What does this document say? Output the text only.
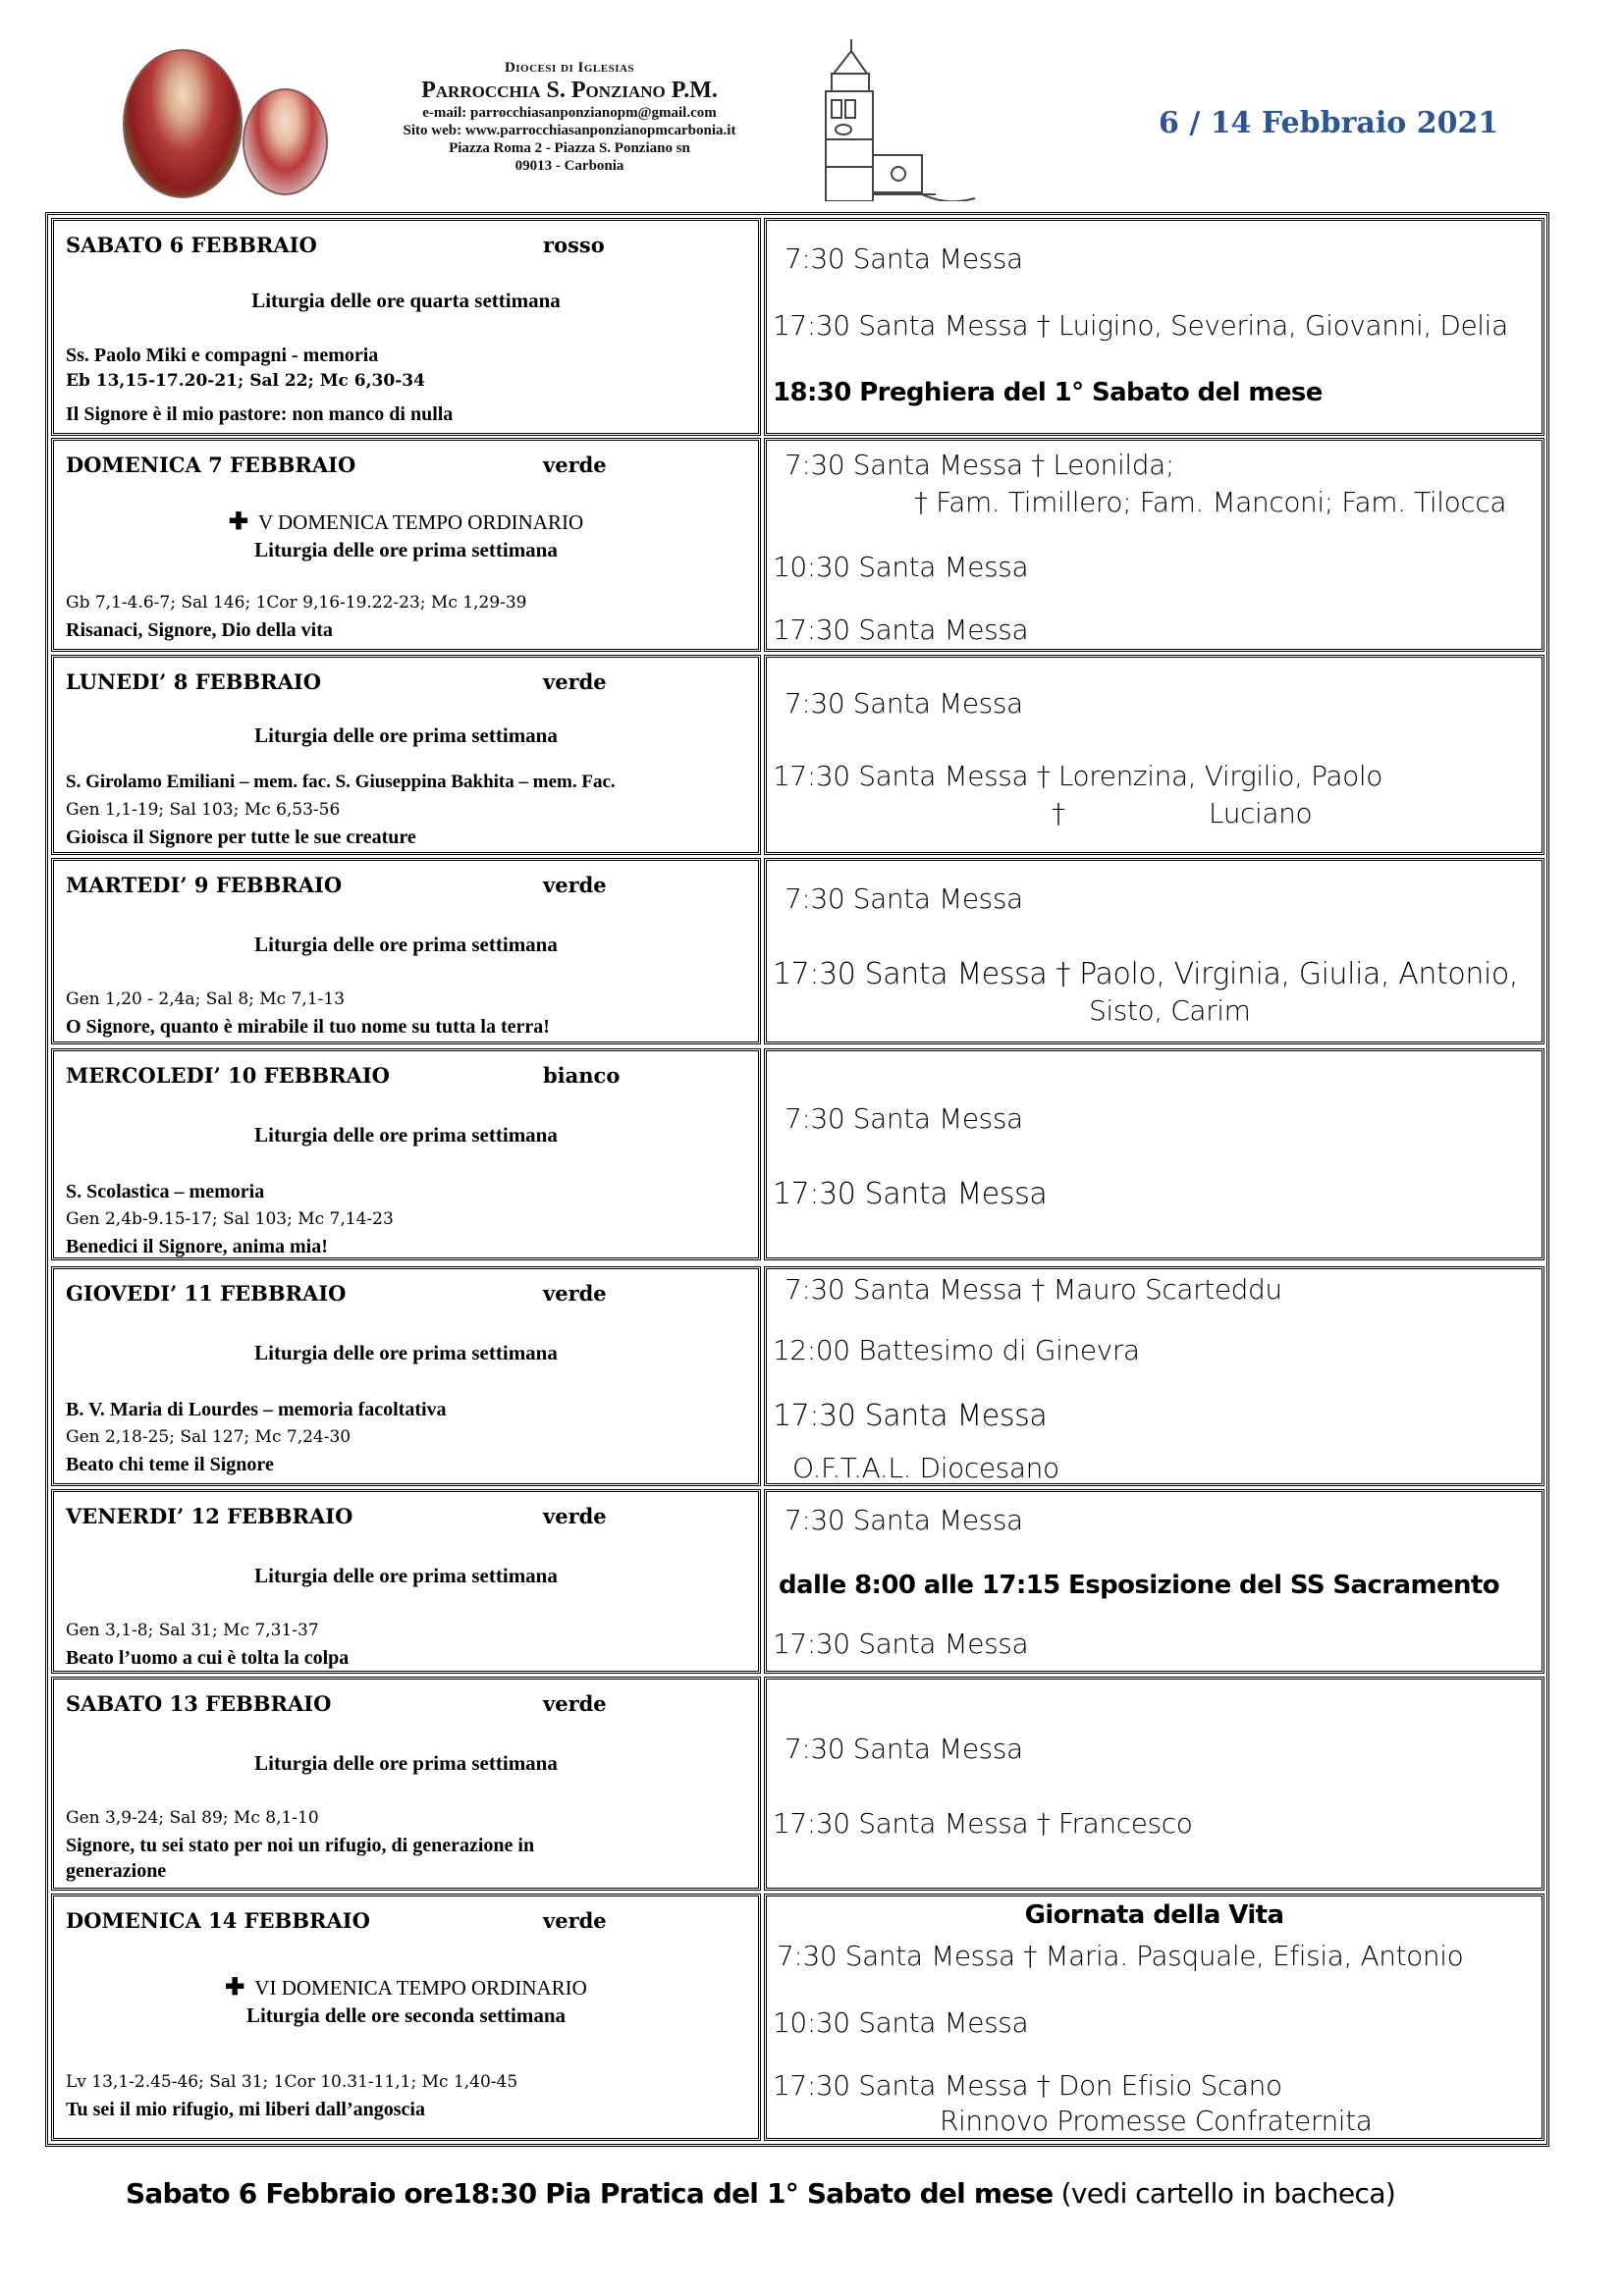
Diocesi di Iglesias
Parrocchia S. Ponziano P.M.
e-mail: parrocchiasanponzianopm@gmail.com
Sito web: www.parrocchiasanponzianopmcarbonia.it
Piazza Roma 2 - Piazza S. Ponziano sn
09013 - Carbonia
6 / 14 Febbraio 2021
SABATO 6 FEBBRAIO	rosso
Liturgia delle ore quarta settimana
Ss. Paolo Miki e compagni - memoria
Eb 13,15-17.20-21; Sal 22; Mc 6,30-34
Il Signore è il mio pastore: non manco di nulla
7:30 Santa Messa
17:30 Santa Messa † Luigino, Severina, Giovanni, Delia
18:30 Preghiera del 1° Sabato del mese
DOMENICA 7 FEBBRAIO	verde
✚ V DOMENICA TEMPO ORDINARIO
Liturgia delle ore prima settimana
Gb 7,1-4.6-7; Sal 146; 1Cor 9,16-19.22-23; Mc 1,29-39
Risanaci, Signore, Dio della vita
7:30 Santa Messa † Leonilda;
† Fam. Timillero; Fam. Manconi; Fam. Tilocca
10:30 Santa Messa
17:30 Santa Messa
LUNEDI’ 8 FEBBRAIO	verde
Liturgia delle ore prima settimana
S. Girolamo Emiliani – mem. fac. S. Giuseppina Bakhita – mem. Fac.
Gen 1,1-19; Sal 103; Mc 6,53-56
Gioisca il Signore per tutte le sue creature
7:30 Santa Messa
17:30 Santa Messa † Lorenzina, Virgilio, Paolo
†	Luciano
MARTEDI’ 9 FEBBRAIO	verde
Liturgia delle ore prima settimana
Gen 1,20 - 2,4a; Sal 8; Mc 7,1-13
O Signore, quanto è mirabile il tuo nome su tutta la terra!
7:30 Santa Messa
17:30 Santa Messa † Paolo, Virginia, Giulia, Antonio,
Sisto, Carim
MERCOLEDI’ 10 FEBBRAIO	bianco
Liturgia delle ore prima settimana
S. Scolastica – memoria
Gen 2,4b-9.15-17; Sal 103; Mc 7,14-23
Benedici il Signore, anima mia!
7:30 Santa Messa
17:30 Santa Messa
GIOVEDI’ 11 FEBBRAIO	verde
Liturgia delle ore prima settimana
B. V. Maria di Lourdes – memoria facoltativa
Gen 2,18-25; Sal 127; Mc 7,24-30
Beato chi teme il Signore
7:30 Santa Messa † Mauro Scarteddu
12:00 Battesimo di Ginevra
17:30 Santa Messa
O.F.T.A.L. Diocesano
VENERDI’ 12 FEBBRAIO	verde
Liturgia delle ore prima settimana
Gen 3,1-8; Sal 31; Mc 7,31-37
Beato l’uomo a cui è tolta la colpa
7:30 Santa Messa
dalle 8:00 alle 17:15 Esposizione del SS Sacramento
17:30 Santa Messa
SABATO 13 FEBBRAIO	verde
Liturgia delle ore prima settimana
Gen 3,9-24; Sal 89; Mc 8,1-10
Signore, tu sei stato per noi un rifugio, di generazione in
generazione
7:30 Santa Messa
17:30 Santa Messa † Francesco
DOMENICA 14 FEBBRAIO	verde
✚ VI DOMENICA TEMPO ORDINARIO
Liturgia delle ore seconda settimana
Lv 13,1-2.45-46; Sal 31; 1Cor 10.31-11,1; Mc 1,40-45
Tu sei il mio rifugio, mi liberi dall’angoscia
Giornata della Vita
7:30 Santa Messa † Maria. Pasquale, Efisia, Antonio
10:30 Santa Messa
17:30 Santa Messa † Don Efisio Scano
Rinnovo Promesse Confraternita
Sabato 6 Febbraio ore18:30 Pia Pratica del 1° Sabato del mese (vedi cartello in bacheca)
